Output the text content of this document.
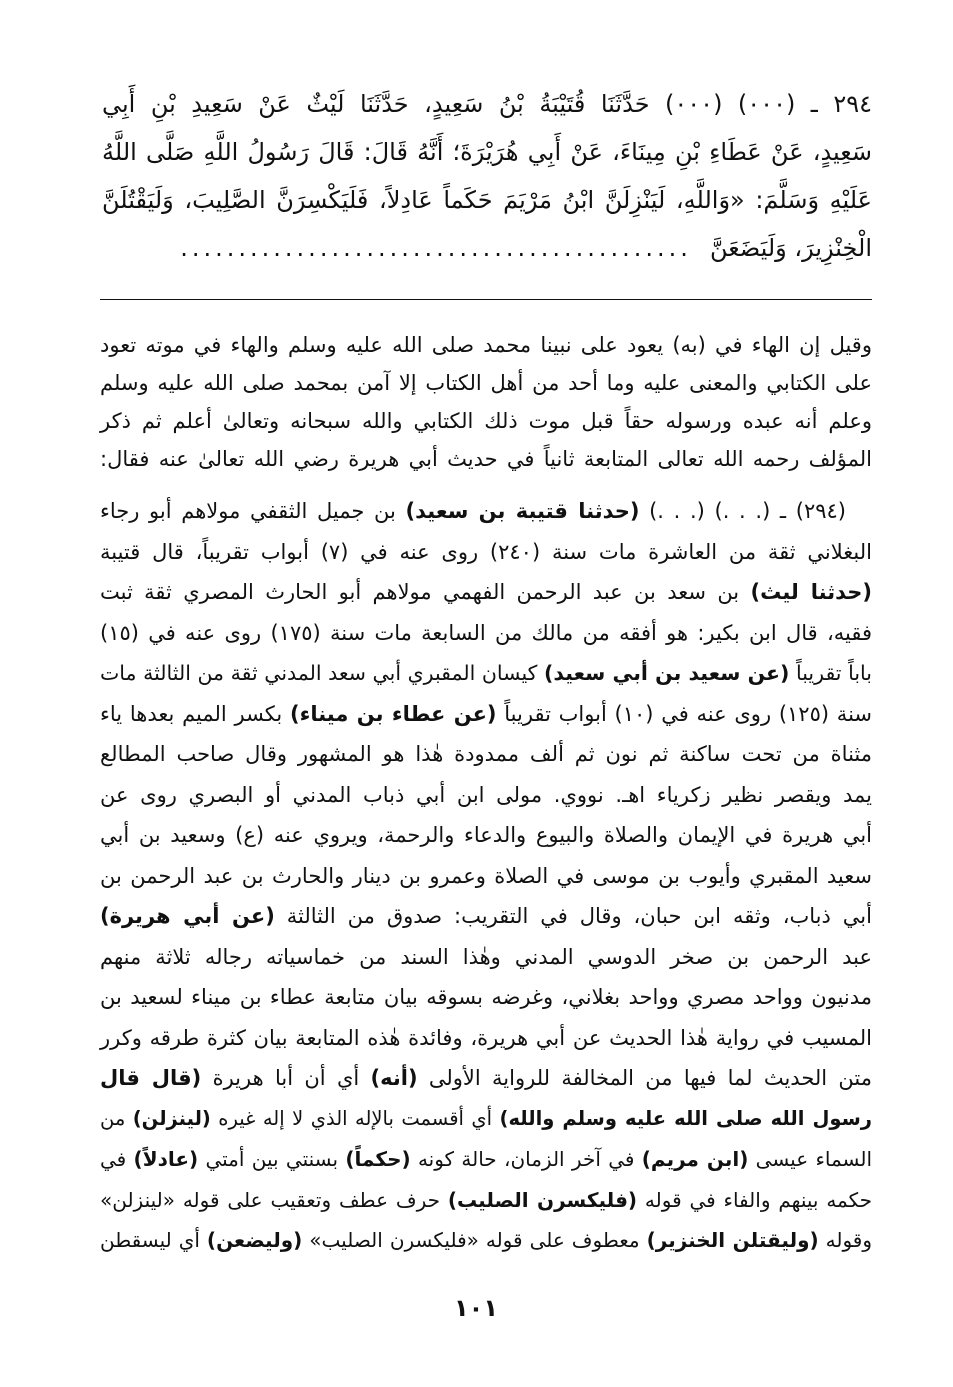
٢٩٤ ـ (٠٠٠) (٠٠٠) حَدَّثَنَا قُتَيْبَةُ بْنُ سَعِيدٍ، حَدَّثَنَا لَيْثٌ عَنْ سَعِيدِ بْنِ أَبِي
سَعِيدٍ، عَنْ عَطَاءِ بْنِ مِينَاءَ، عَنْ أَبِي هُرَيْرَةَ؛ أَنَّهُ قَالَ: قَالَ رَسُولُ اللَّهِ صَلَّى اللَّهُ
عَلَيْهِ وَسَلَّمَ: «وَاللَّهِ، لَيَنْزِلَنَّ ابْنُ مَرْيَمَ حَكَماً عَادِلاً، فَلَيَكْسِرَنَّ الصَّلِيبَ، وَلَيَقْتُلَنَّ
الْخِنْزِيرَ، وَلَيَضَعَنَّ
............................................
وقيل إن الهاء في (به) يعود على نبينا محمد صلى الله عليه وسلم والهاء في موته تعود
على الكتابي والمعنى عليه وما أحد من أهل الكتاب إلا آمن بمحمد صلى الله عليه وسلم
وعلم أنه عبده ورسوله حقاً قبل موت ذلك الكتابي والله سبحانه وتعالىٰ أعلم ثم ذكر
المؤلف رحمه الله تعالى المتابعة ثانياً في حديث أبي هريرة رضي الله تعالىٰ عنه فقال:
(٢٩٤) ـ (. . .) (. . .) (حدثنا قتيبة بن سعيد) بن جميل الثقفي مولاهم أبو رجاء
البغلاني ثقة من العاشرة مات سنة (٢٤٠) روى عنه في (٧) أبواب تقريباً، قال قتيبة
(حدثنا ليث) بن سعد بن عبد الرحمن الفهمي مولاهم أبو الحارث المصري ثقة ثبت
فقيه، قال ابن بكير: هو أفقه من مالك من السابعة مات سنة (١٧٥) روى عنه في (١٥)
باباً تقريباً (عن سعيد بن أبي سعيد) كيسان المقبري أبي سعد المدني ثقة من الثالثة مات
سنة (١٢٥) روى عنه في (١٠) أبواب تقريباً (عن عطاء بن ميناء) بكسر الميم بعدها ياء
مثناة من تحت ساكنة ثم نون ثم ألف ممدودة هٰذا هو المشهور وقال صاحب المطالع
يمد ويقصر نظير زكرياء اهـ. نووي. مولى ابن أبي ذباب المدني أو البصري روى عن
أبي هريرة في الإيمان والصلاة والبيوع والدعاء والرحمة، ويروي عنه (ع) وسعيد بن أبي
سعيد المقبري وأيوب بن موسى في الصلاة وعمرو بن دينار والحارث بن عبد الرحمن بن
أبي ذباب، وثقه ابن حبان، وقال في التقريب: صدوق من الثالثة (عن أبي هريرة)
عبد الرحمن بن صخر الدوسي المدني وهٰذا السند من خماسياته رجاله ثلاثة منهم
مدنيون وواحد مصري وواحد بغلاني، وغرضه بسوقه بيان متابعة عطاء بن ميناء لسعيد بن
المسيب في رواية هٰذا الحديث عن أبي هريرة، وفائدة هٰذه المتابعة بيان كثرة طرقه وكرر
متن الحديث لما فيها من المخالفة للرواية الأولى (أنه) أي أن أبا هريرة (قال قال
رسول الله صلى الله عليه وسلم والله) أي أقسمت بالإله الذي لا إله غيره (لينزلن) من
السماء عيسى (ابن مريم) في آخر الزمان، حالة كونه (حكماً) بسنتي بين أمتي (عادلاً) في
حكمه بينهم والفاء في قوله (فليكسرن الصليب) حرف عطف وتعقيب على قوله «لينزلن»
وقوله (وليقتلن الخنزير) معطوف على قوله «فليكسرن الصليب» (وليضعن) أي ليسقطن
١٠١
